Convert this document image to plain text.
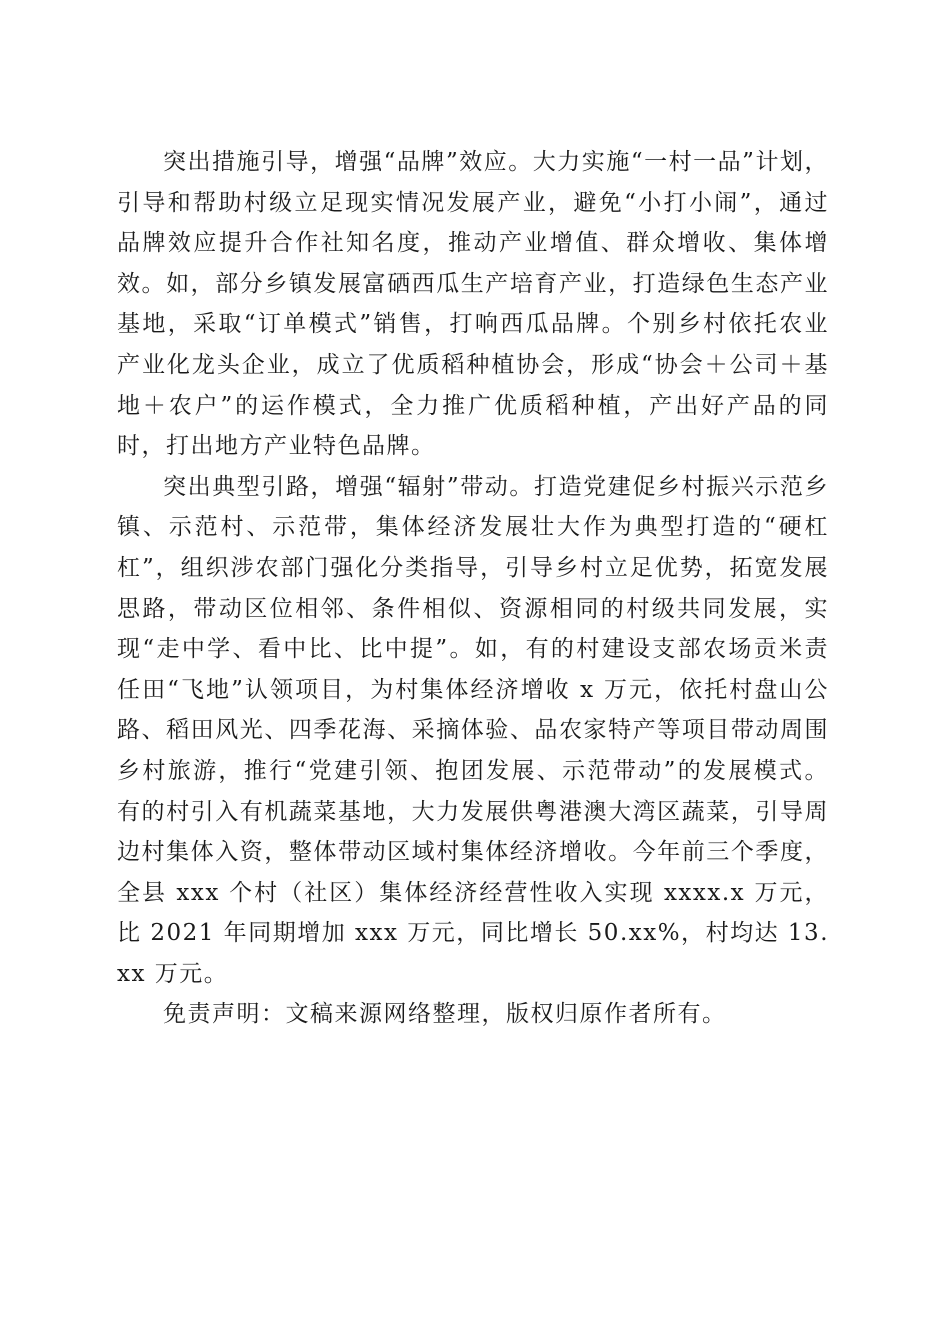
突出措施引导，增强“品牌”效应。大力实施“一村一品”计划，引导和帮助村级立足现实情况发展产业，避免“小打小闹”，通过品牌效应提升合作社知名度，推动产业增值、群众增收、集体增效。如，部分乡镇发展富硒西瓜生产培育产业，打造绿色生态产业基地，采取“订单模式”销售，打响西瓜品牌。个别乡村依托农业产业化龙头企业，成立了优质稻种植协会，形成“协会＋公司＋基地＋农户”的运作模式，全力推广优质稻种植，产出好产品的同时，打出地方产业特色品牌。

突出典型引路，增强“辐射”带动。打造党建促乡村振兴示范乡镇、示范村、示范带，集体经济发展壮大作为典型打造的“硬杠杠”，组织涉农部门强化分类指导，引导乡村立足优势，拓宽发展思路，带动区位相邻、条件相似、资源相同的村级共同发展，实现“走中学、看中比、比中提”。如，有的村建设支部农场贡米责任田“飞地”认领项目，为村集体经济增收 x 万元，依托村盘山公路、稻田风光、四季花海、采摘体验、品农家特产等项目带动周围乡村旅游，推行“党建引领、抱团发展、示范带动”的发展模式。有的村引入有机蔬菜基地，大力发展供粤港澳大湾区蔬菜，引导周边村集体入资，整体带动区域村集体经济增收。今年前三个季度，全县 xxx 个村（社区）集体经济经营性收入实现 xxxx.x 万元，比 2021 年同期增加 xxx 万元，同比增长 50.xx%，村均达 13.xx 万元。

免责声明：文稿来源网络整理，版权归原作者所有。
